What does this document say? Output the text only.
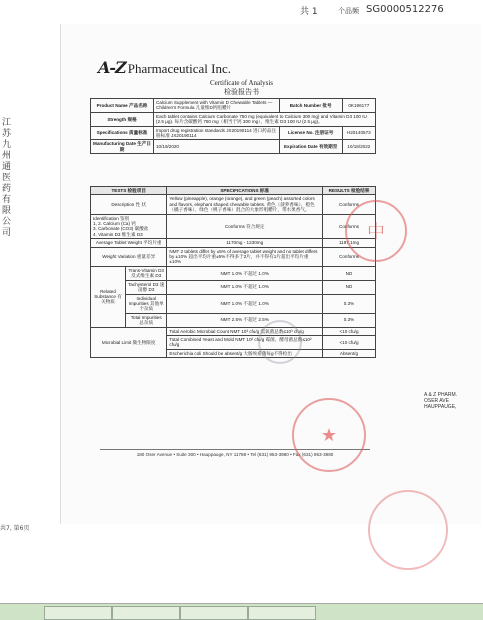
共 1	个品频 SG0000512276
江苏九州通医药有限公司
共7, 第6页
A-Z Pharmaceutical Inc.
Certificate of Analysis
检验报告书
Product Name 产品名称	Calcium Supplement with Vitamin D Chewable Tablets — Children's Formula 儿童维D钙咀嚼片	Batch Number 批号	0K196177
Strength 规格	Each tablet contains Calcium Carbonate 750 mg (equivalent to Calcium 300 mg) and Vitamin D3 100 IU (2.5 μg). 每片含碳酸钙 750 mg（相当于钙 300 mg），维生素 D3 100 IU (2.5 μg)。		
Specifications 质量标准	Import drug registration standards JX20190114 进口药品注册标准 JX20190114	License No. 注册证号	H20140573
Manufacturing Date 生产日期	10/19/2020	Expiration Date 有效期至	10/18/2022
TESTS 检验项目		SPECIFICATIONS 标准	RESULTS 检验结果
Description 性 状		Yellow (pineapple), orange (orange), and green (peach) assorted colors and flavors, elephant shaped chewable tablets. 黄色（菠萝香味）、橙色（橘子香味）、绿色（桃子香味）混合的大象形咀嚼片，带水果香气。	Conforms
Identification 鉴别
1, 2. Calcium (Ca) 钙
3. Carbonate (CO3) 碳酸盐
4. Vitamin D3 维生素 D3		Conforms 符合规定	Conforms
Average Tablet Weight 平均片重		1170mg - 1230mg	1197.1mg
Weight Variation 重量差异		NMT 2 tablets differ by ±5% of average tablet weight and no tablet differs by ±10% 超出平均片重±5%不得多于2片，并不得有1片超出平均片重±10%	Conforms
Related Substance 有关物质	Trans-Vitamin D3 反式维生素 D3	NMT 1.0% 不超过 1.0%	ND
	Tachysterol D3 速甾醇 D3	NMT 1.0% 不超过 1.0%	ND
	Individual Impurities 其他单个杂质	NMT 1.0% 不超过 1.0%	0.3%
	Total Impurities 总杂质	NMT 2.5% 不超过 2.5%	0.3%
Microbial Limit 微生物限度		Total Aerobic Microbial Count NMT 10³ cfu/g 需氧菌总数≤10³ cfu/g	<10 cfu/g
		Total Combined Yeast and Mold NMT 10² cfu/g 霉菌、酵母菌总数≤10² cfu/g	<10 cfu/g
		Escherichia coli Should be absent/g 大肠埃希菌每g不得检出	Absent/g
180 Oser Avenue • Suite 300 • Hauppauge, NY 11788 • Tel (631) 953-3980 • Fax (631) 953-3980
A & Z PHARM.
OSER AVE
HAUPPAUGE,
中
★
